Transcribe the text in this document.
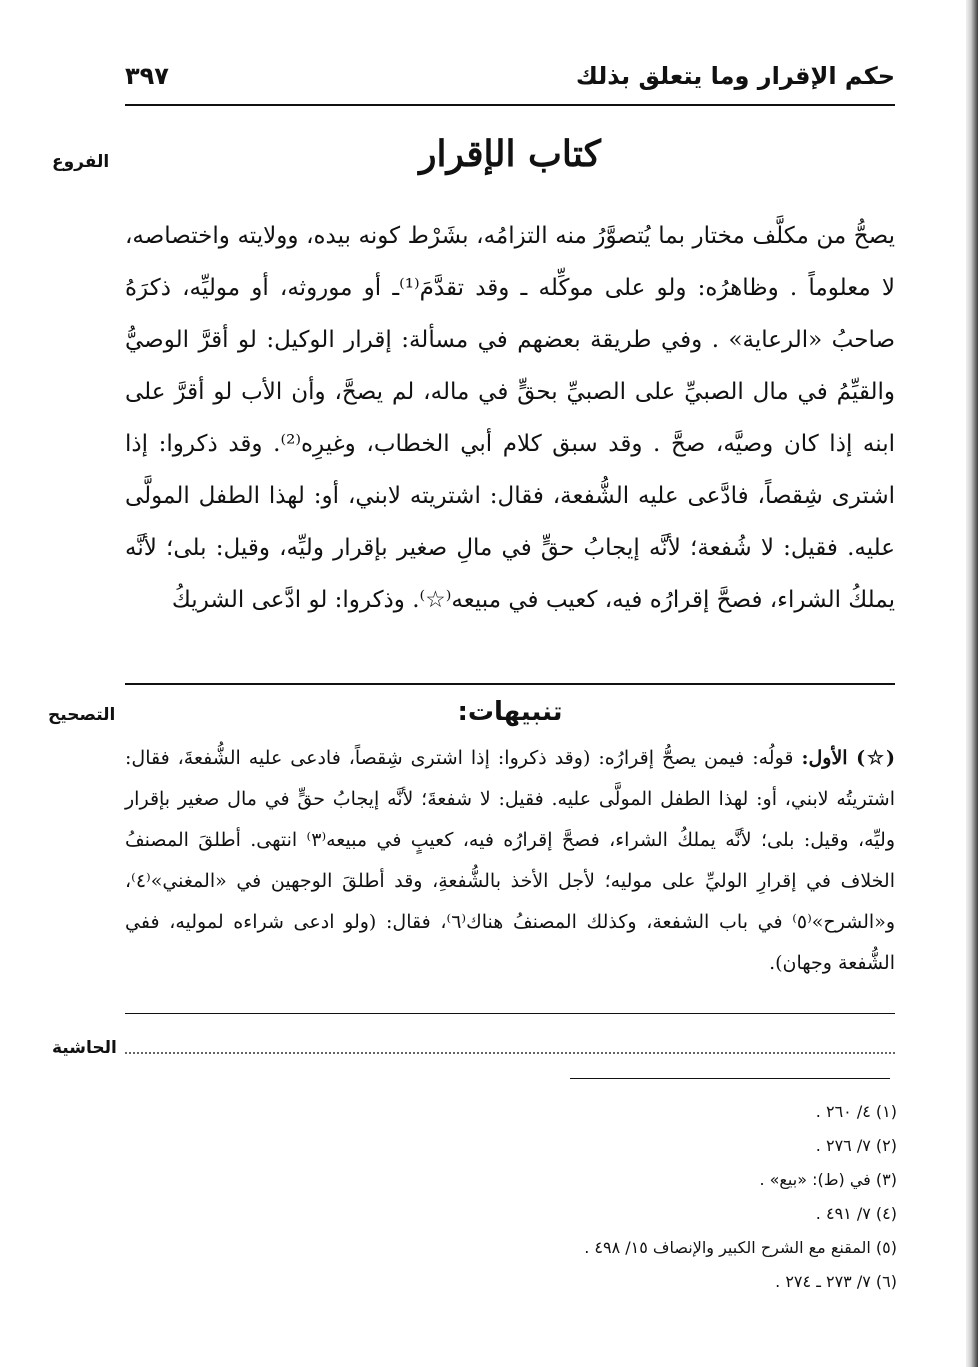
٣٩٧	حكم الإقرار وما يتعلق بذلك
الفروع	كتاب الإقرار

يصحُّ من مكلَّف مختار بما يُتصوَّرُ منه التزامُه، بشَرْط كونه بيده، وولايته واختصاصه، لا معلوماً . وظاهرُه: ولو على موكِّله ـ وقد تقدَّمَ⁽¹⁾ـ أو موروثه، أو موليِّه، ذكرَهُ صاحبُ «الرعاية» . وفي طريقة بعضهم في مسألة: إقرار الوكيل: لو أقرَّ الوصيُّ والقيِّمُ في مال الصبيِّ على الصبيِّ بحقٍّ في ماله، لم يصحَّ، وأن الأب لو أقرَّ على ابنه إذا كان وصيَّه، صحَّ . وقد سبق كلام أبي الخطاب، وغيرِه⁽²⁾. وقد ذكروا: إذا اشترى شِقصاً، فادَّعى عليه الشُّفعة، فقال: اشتريته لابني، أو: لهذا الطفل المولَّى عليه. فقيل: لا شُفعة؛ لأنَّه إيجابُ حقٍّ في مالِ صغير بإقرار وليِّه، وقيل: بلى؛ لأنَّه يملكُ الشراء، فصحَّ إقرارُه فيه، كعيب في مبيعه⁽☆⁾. وذكروا: لو ادَّعى الشريكُ

التصحيح	تنبيهات:

(☆) الأول: قولُه: فيمن يصحُّ إقرارُه: (وقد ذكروا: إذا اشترى شِقصاً، فادعى عليه الشُّفعةَ، فقال: اشتريتُه لابني، أو: لهذا الطفل المولَّى عليه. فقيل: لا شفعةَ؛ لأنَّه إيجابُ حقٍّ في مال صغير بإقرار وليِّه، وقيل: بلى؛ لأنَّه يملكُ الشراء، فصحَّ إقرارُه فيه، كعيبٍ في مبيعه⁽٣⁾ انتهى. أطلقَ المصنفُ الخلاف في إقرارِ الوليِّ على موليه؛ لأجل الأخذ بالشُّفعةِ، وقد أطلقَ الوجهين في «المغني»⁽٤⁾، و«الشرح»⁽٥⁾ في باب الشفعة، وكذلك المصنفُ هناك⁽٦⁾، فقال: (ولو ادعى شراءه لموليه، ففي الشُّفعة وجهان).

الحاشية
(١) ٤/ ٢٦٠ .
(٢) ٧/ ٢٧٦ .
(٣) في (ط): «بيع» .
(٤) ٧/ ٤٩١ .
(٥) المقنع مع الشرح الكبير والإنصاف ١٥/ ٤٩٨ .
(٦) ٧/ ٢٧٣ ـ ٢٧٤ .
